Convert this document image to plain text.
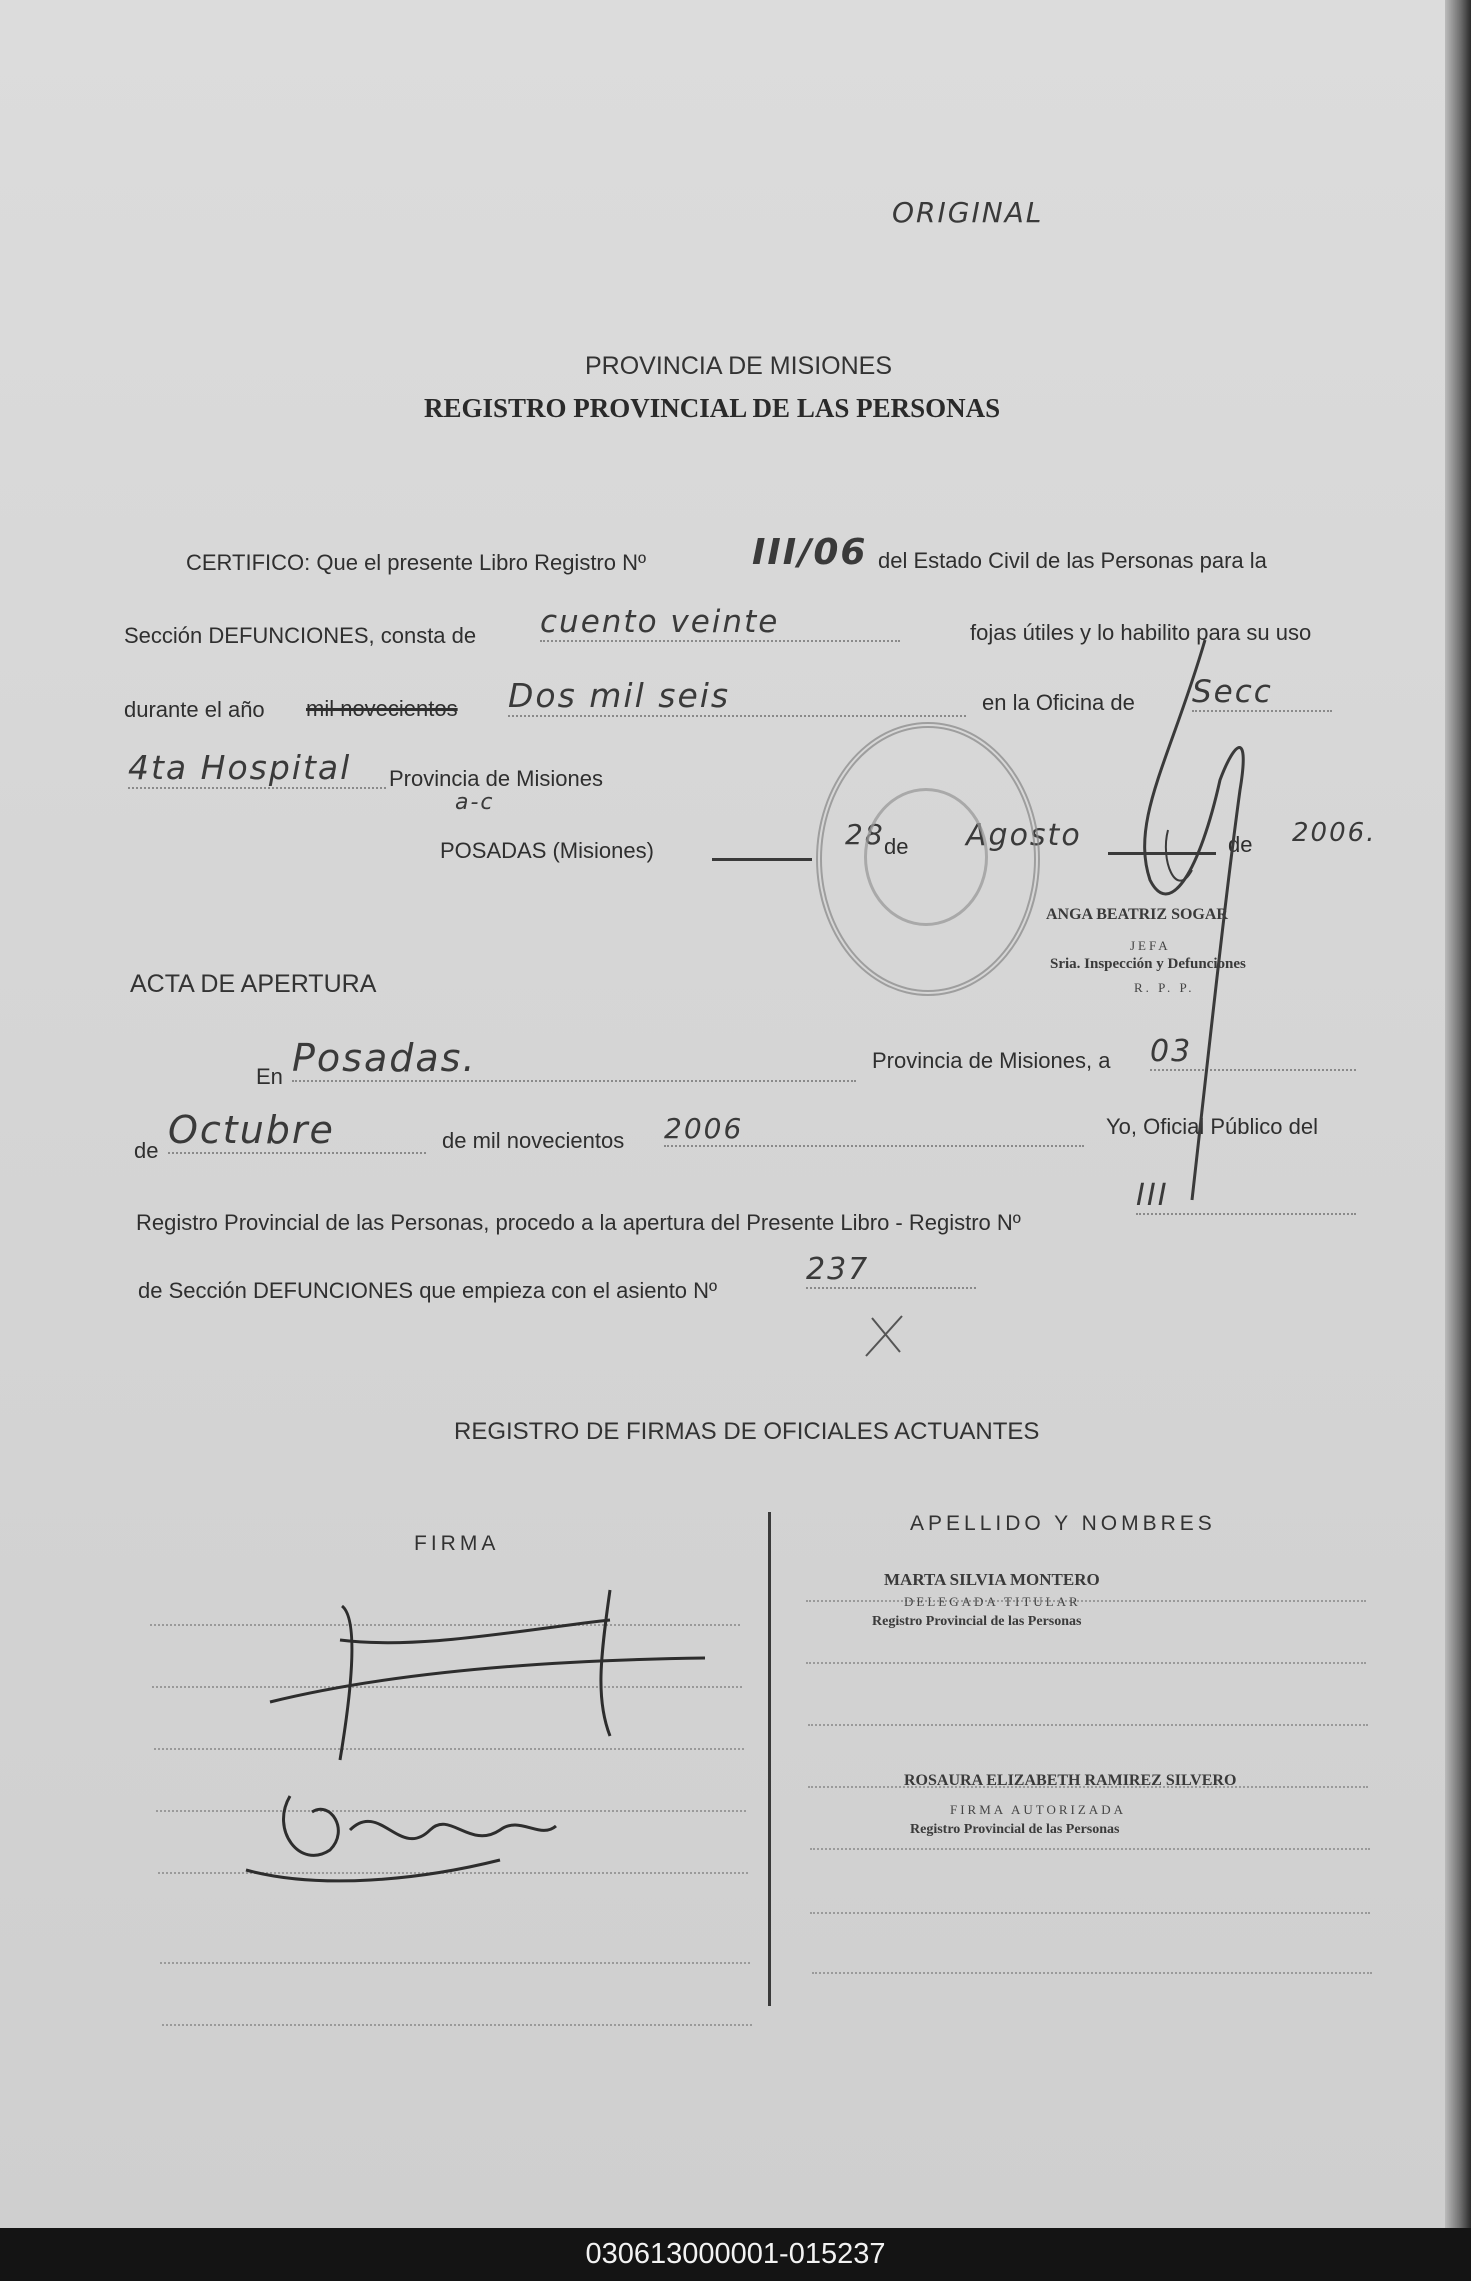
ORIGINAL
PROVINCIA DE MISIONES
REGISTRO PROVINCIAL DE LAS PERSONAS
CERTIFICO: Que el presente Libro Registro Nº	III/06 del Estado Civil de las Personas para la
Sección DEFUNCIONES, consta de cuento veinte	fojas útiles y lo habilito para su uso
durante el año mil novecientos Dos mil seis	en la Oficina de Secc
4ta Hospital	Provincia de Misiones
a-c
POSADAS (Misiones)	28 de Agosto	de 2006.
ANGA BEATRIZ SOGAR
JEFA
Sria. Inspección y Defunciones
R. P. P.
ACTA DE APERTURA
En Posadas.	Provincia de Misiones, a 03
de Octubre	de mil novecientos 2006	Yo, Oficial Público del
Registro Provincial de las Personas, procedo a la apertura del Presente Libro - Registro Nº
III
de Sección DEFUNCIONES que empieza con el asiento Nº
237
REGISTRO DE FIRMAS DE OFICIALES ACTUANTES
FIRMA
APELLIDO Y NOMBRES
MARTA SILVIA MONTERO
DELEGADA TITULAR
Registro Provincial de las Personas
ROSAURA ELIZABETH RAMIREZ SILVERO
FIRMA AUTORIZADA
Registro Provincial de las Personas
030613000001-015237
